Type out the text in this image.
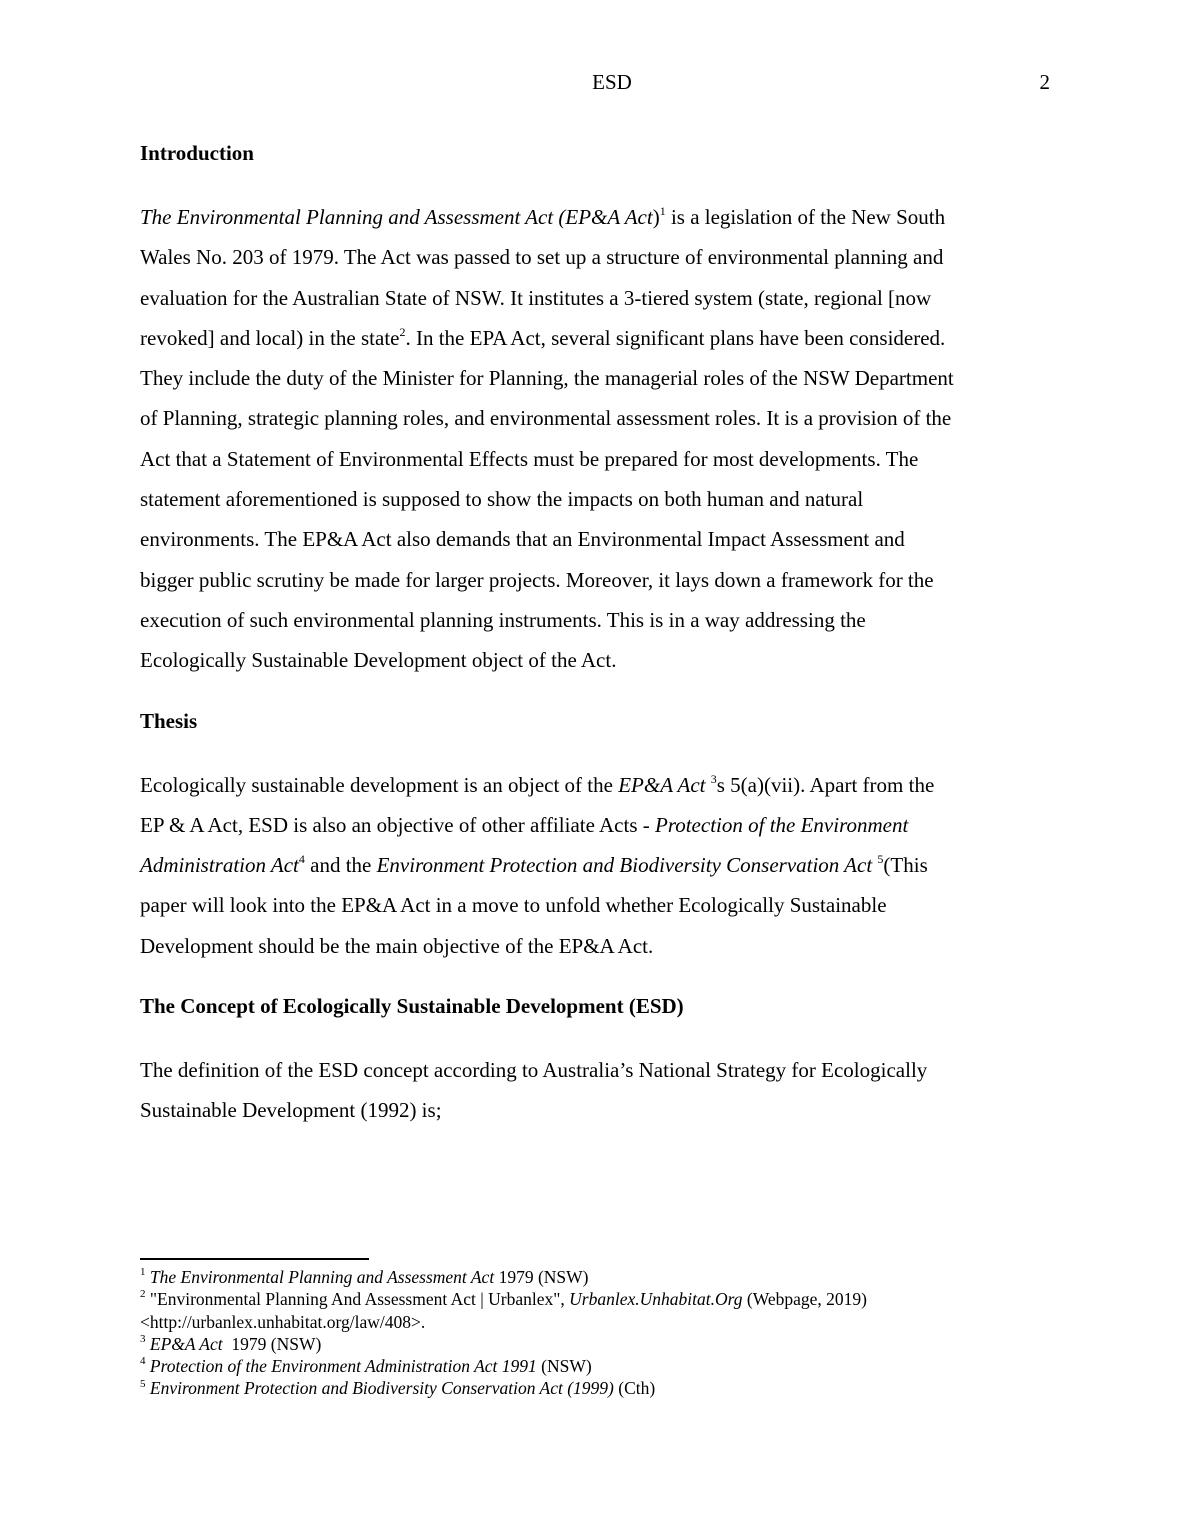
ESD	2
Introduction
The Environmental Planning and Assessment Act (EP&A Act)$^1$ is a legislation of the New South
Wales No. 203 of 1979. The Act was passed to set up a structure of environmental planning and
evaluation for the Australian State of NSW. It institutes a 3-tiered system (state, regional [now
revoked] and local) in the state$^2$. In the EPA Act, several significant plans have been considered.
They include the duty of the Minister for Planning, the managerial roles of the NSW Department
of Planning, strategic planning roles, and environmental assessment roles. It is a provision of the
Act that a Statement of Environmental Effects must be prepared for most developments. The
statement aforementioned is supposed to show the impacts on both human and natural
environments. The EP&A Act also demands that an Environmental Impact Assessment and
bigger public scrutiny be made for larger projects. Moreover, it lays down a framework for the
execution of such environmental planning instruments. This is in a way addressing the
Ecologically Sustainable Development object of the Act.
Thesis
Ecologically sustainable development is an object of the EP&A Act $^3$s 5(a)(vii). Apart from the
EP & A Act, ESD is also an objective of other affiliate Acts - Protection of the Environment
Administration Act$^4$ and the Environment Protection and Biodiversity Conservation Act $^5$(This
paper will look into the EP&A Act in a move to unfold whether Ecologically Sustainable
Development should be the main objective of the EP&A Act.
The Concept of Ecologically Sustainable Development (ESD)
The definition of the ESD concept according to Australia’s National Strategy for Ecologically
Sustainable Development (1992) is;
$^1$ The Environmental Planning and Assessment Act 1979 (NSW)
$^2$ "Environmental Planning And Assessment Act | Urbanlex", Urbanlex.Unhabitat.Org (Webpage, 2019)
<http://urbanlex.unhabitat.org/law/408>.
$^3$ EP&A Act  1979 (NSW)
$^4$ Protection of the Environment Administration Act 1991 (NSW)
$^5$ Environment Protection and Biodiversity Conservation Act (1999) (Cth)
